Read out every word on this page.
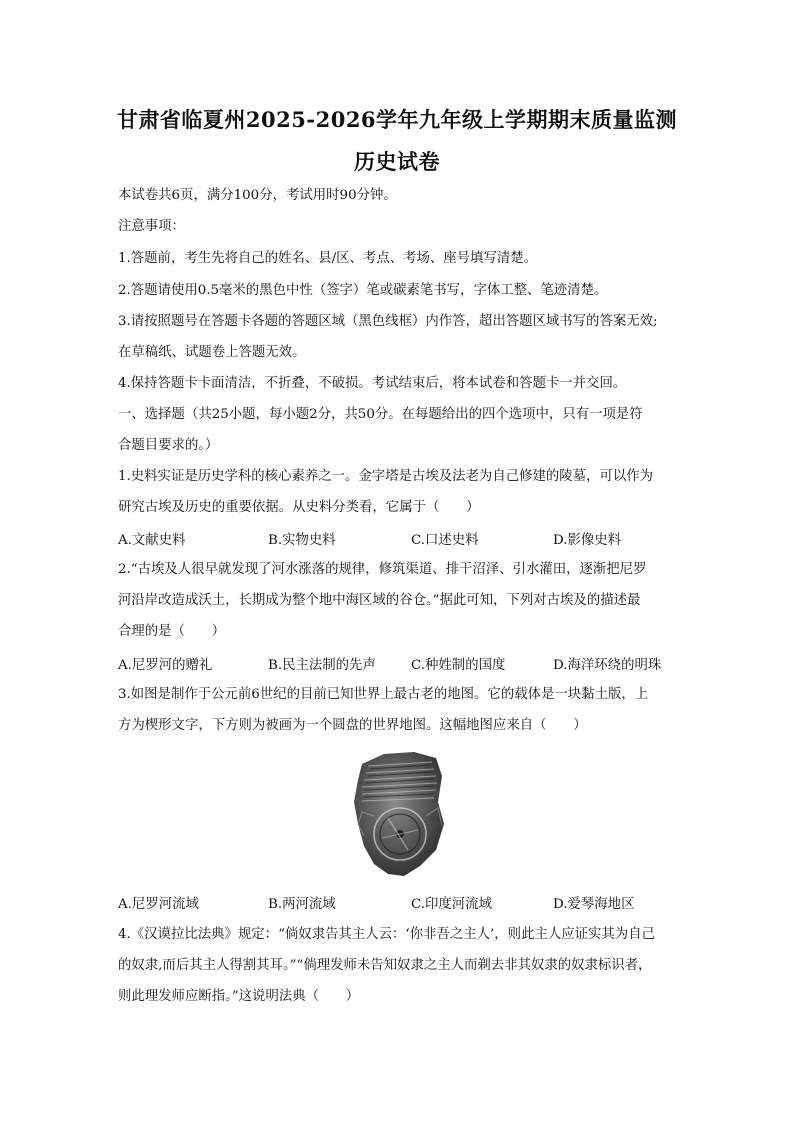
甘肃省临夏州2025-2026学年九年级上学期期末质量监测
历史试卷
本试卷共6页，满分100分，考试用时90分钟。
注意事项：
1.答题前，考生先将自己的姓名、县/区、考点、考场、座号填写清楚。
2.答题请使用0.5毫米的黑色中性（签字）笔或碳素笔书写，字体工整、笔迹清楚。
3.请按照题号在答题卡各题的答题区域（黑色线框）内作答，超出答题区域书写的答案无效;
在草稿纸、试题卷上答题无效。
4.保持答题卡卡面清洁，不折叠，不破损。考试结束后，将本试卷和答题卡一并交回。
一、选择题（共25小题，每小题2分，共50分。在每题给出的四个选项中，只有一项是符
合题目要求的。）
1.史料实证是历史学科的核心素养之一。金字塔是古埃及法老为自己修建的陵墓，可以作为
研究古埃及历史的重要依据。从史料分类看，它属于（　　）
A.文献史料	B.实物史料	C.口述史料	D.影像史料
2.“古埃及人很早就发现了河水涨落的规律，修筑渠道、排干沼泽、引水灌田，逐渐把尼罗
河沿岸改造成沃土，长期成为整个地中海区域的谷仓。”据此可知，下列对古埃及的描述最
合理的是（　　）
A.尼罗河的赠礼	B.民主法制的先声	C.种姓制的国度	D.海洋环绕的明珠
3.如图是制作于公元前6世纪的目前已知世界上最古老的地图。它的载体是一块黏土版，上
方为楔形文字，下方则为被画为一个圆盘的世界地图。这幅地图应来自（　　）
A.尼罗河流域	B.两河流域	C.印度河流域	D.爱琴海地区
4.《汉谟拉比法典》规定：“倘奴隶告其主人云：‘你非吾之主人’，则此主人应证实其为自己
的奴隶,而后其主人得割其耳。”“倘理发师未告知奴隶之主人而剃去非其奴隶的奴隶标识者，
则此理发师应断指。”这说明法典（　　）
